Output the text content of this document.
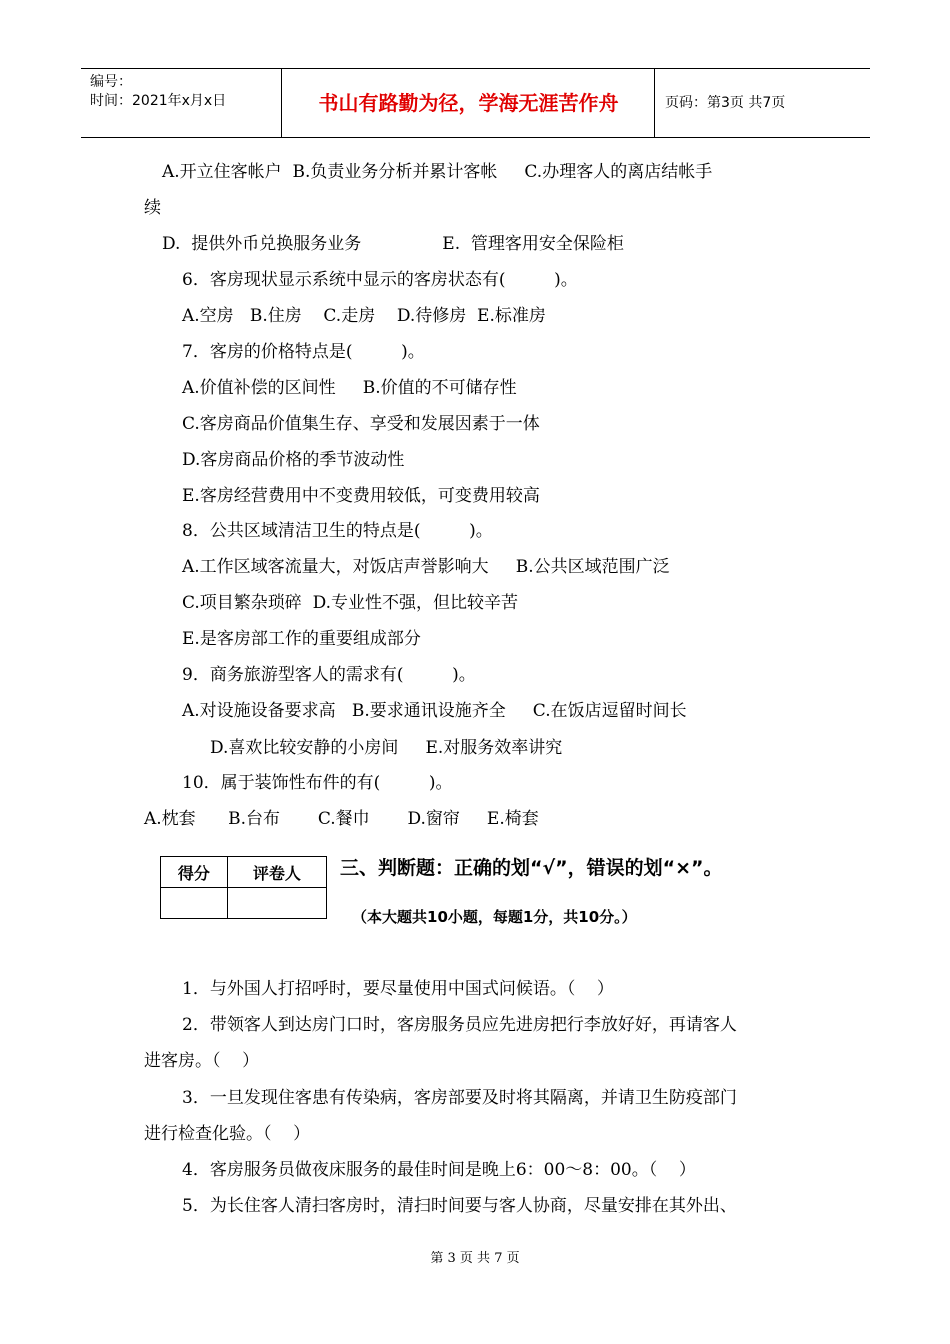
编号：
时间：2021年x月x日	书山有路勤为径，学海无涯苦作舟	页码：第3页 共7页
A.开立住客帐户  B.负责业务分析并累计客帐     C.办理客人的离店结帐手
续
D.  提供外币兑换服务业务               E.  管理客用安全保险柜
6．客房现状显示系统中显示的客房状态有(         )。
A.空房   B.住房    C.走房    D.待修房  E.标准房
7．客房的价格特点是(         )。
A.价值补偿的区间性     B.价值的不可储存性
C.客房商品价值集生存、享受和发展因素于一体
D.客房商品价格的季节波动性
E.客房经营费用中不变费用较低，可变费用较高
8．公共区域清洁卫生的特点是(         )。
A.工作区域客流量大，对饭店声誉影响大     B.公共区域范围广泛
C.项目繁杂琐碎  D.专业性不强，但比较辛苦
E.是客房部工作的重要组成部分
9．商务旅游型客人的需求有(         )。
A.对设施设备要求高   B.要求通讯设施齐全     C.在饭店逗留时间长
D.喜欢比较安静的小房间     E.对服务效率讲究
10．属于装饰性布件的有(         )。
A.枕套      B.台布       C.餐巾       D.窗帘     E.椅套
得分	评卷人
	三、判断题：正确的划“√”，错误的划“×”。
（本大题共10小题，每题1分，共10分。）
1．与外国人打招呼时，要尽量使用中国式问候语。（    ）
2．带领客人到达房门口时，客房服务员应先进房把行李放好好，再请客人
进客房。（    ）
3．一旦发现住客患有传染病，客房部要及时将其隔离，并请卫生防疫部门
进行检查化验。（    ）
4．客房服务员做夜床服务的最佳时间是晚上6：00～8：00。（    ）
5．为长住客人清扫客房时，清扫时间要与客人协商，尽量安排在其外出、
第 3 页 共 7 页
